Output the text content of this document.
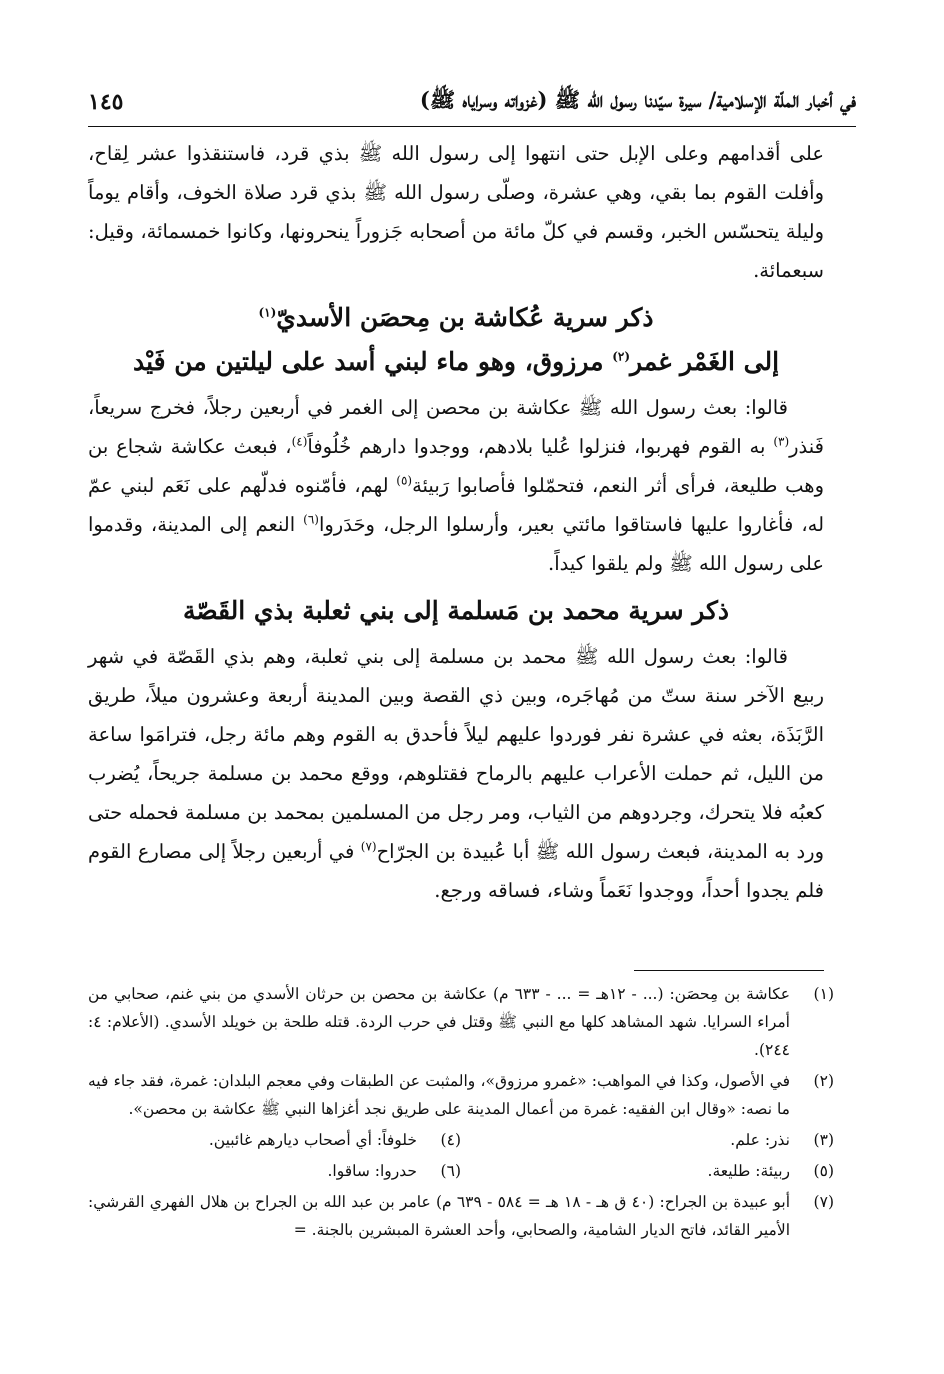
في أخبار الملّة الإسلامية/ سيرة سيّدنا رسول الله ﷺ (غزواته وسراياه ﷺ)
١٤٥

على أقدامهم وعلى الإبل حتى انتهوا إلى رسول الله ﷺ بذي قرد، فاستنقذوا عشر لِقاح، وأفلت القوم بما بقي، وهي عشرة، وصلّى رسول الله ﷺ بذي قرد صلاة الخوف، وأقام يوماً وليلة يتحسّس الخبر، وقسم في كلّ مائة من أصحابه جَزوراً ينحرونها، وكانوا خمسمائة، وقيل: سبعمائة.

ذكر سرية عُكاشة بن مِحصَن الأسديّ$^{(١)}$
إلى الغَمْر غمر$^{(٢)}$ مرزوق، وهو ماء لبني أسد على ليلتين من فَيْد

قالوا: بعث رسول الله ﷺ عكاشة بن محصن إلى الغمر في أربعين رجلاً، فخرج سريعاً، فَنذر$^{(٣)}$ به القوم فهربوا، فنزلوا عُليا بلادهم، ووجدوا دارهم خُلُوفاً$^{(٤)}$، فبعث عكاشة شجاع بن وهب طليعة، فرأى أثر النعم، فتحمّلوا فأصابوا رَبيئة$^{(٥)}$ لهم، فأمّنوه فدلّهم على نَعَم لبني عمّ له، فأغاروا عليها فاستاقوا مائتي بعير، وأرسلوا الرجل، وحَدَروا$^{(٦)}$ النعم إلى المدينة، وقدموا على رسول الله ﷺ ولم يلقوا كيداً.

ذكر سرية محمد بن مَسلمة إلى بني ثعلبة بذي القَصّة

قالوا: بعث رسول الله ﷺ محمد بن مسلمة إلى بني ثعلبة، وهم بذي القَصّة في شهر ربيع الآخر سنة ستّ من مُهاجَره، وبين ذي القصة وبين المدينة أربعة وعشرون ميلاً، طريق الرَّبَذَة، بعثه في عشرة نفر فوردوا عليهم ليلاً فأحدق به القوم وهم مائة رجل، فترامَوا ساعة من الليل، ثم حملت الأعراب عليهم بالرماح فقتلوهم، ووقع محمد بن مسلمة جريحاً، يُضرب كعبُه فلا يتحرك، وجردوهم من الثياب، ومر رجل من المسلمين بمحمد بن مسلمة فحمله حتى ورد به المدينة، فبعث رسول الله ﷺ أبا عُبيدة بن الجرّاح$^{(٧)}$ في أربعين رجلاً إلى مصارع القوم فلم يجدوا أحداً، ووجدوا نَعَماً وشاء، فساقه ورجع.

(١)
عكاشة بن مِحصَن: (... - ١٢هـ = ... - ٦٣٣ م) عكاشة بن محصن بن حرثان الأسدي من بني غنم، صحابي من أمراء السرايا. شهد المشاهد كلها مع النبي ﷺ وقتل في حرب الردة. قتله طلحة بن خويلد الأسدي. (الأعلام: ٤: ٢٤٤).
(٢)
في الأصول، وكذا في المواهب: «غمرو مرزوق»، والمثبت عن الطبقات وفي معجم البلدان: غمرة، فقد جاء فيه ما نصه: «وقال ابن الفقيه: غمرة من أعمال المدينة على طريق نجد أغزاها النبي ﷺ عكاشة بن محصن».
(٣)
نذر: علم.
(٤)
خلوفاً: أي أصحاب ديارهم غائبين.
(٥)
ربيئة: طليعة.
(٦)
حدروا: ساقوا.
(٧)
أبو عبيدة بن الجراح: (٤٠ ق هـ - ١٨ هـ = ٥٨٤ - ٦٣٩ م) عامر بن عبد الله بن الجراح بن هلال الفهري القرشي: الأمير القائد، فاتح الديار الشامية، والصحابي، وأحد العشرة المبشرين بالجنة. =
